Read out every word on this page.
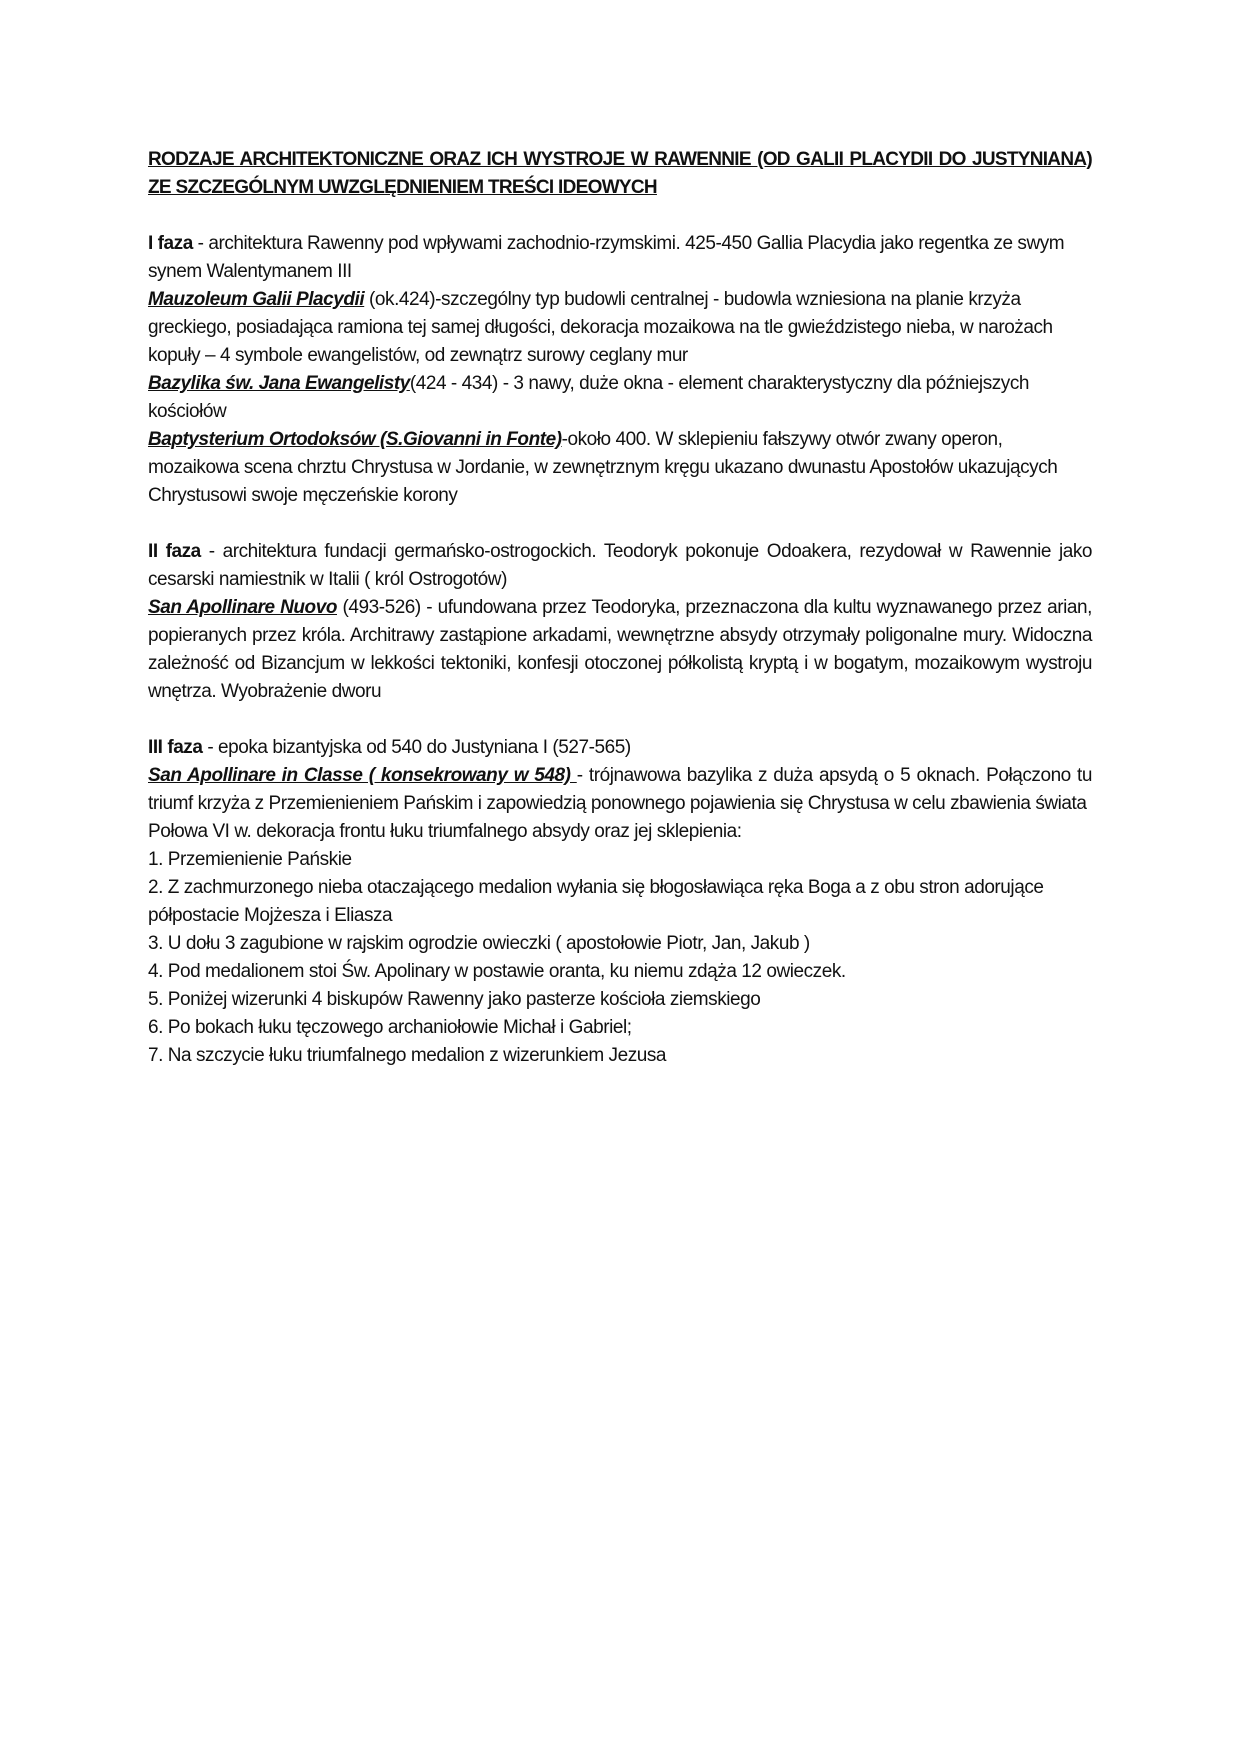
RODZAJE ARCHITEKTONICZNE ORAZ ICH WYSTROJE W RAWENNIE (OD GALII PLACYDII DO JUSTYNIANA) ZE SZCZEGÓLNYM UWZGLĘDNIENIEM TREŚCI IDEOWYCH

I faza - architektura Rawenny pod wpływami zachodnio-rzymskimi. 425-450 Gallia Placydia jako regentka ze swym synem Walentymanem III

Mauzoleum Galii Placydii (ok.424)-szczególny typ budowli centralnej - budowla wzniesiona na planie krzyża greckiego, posiadająca ramiona tej samej długości, dekoracja mozaikowa na tle gwieździstego nieba, w narożach kopuły – 4 symbole ewangelistów, od zewnątrz surowy ceglany mur

Bazylika św. Jana Ewangelisty(424 - 434) - 3 nawy, duże okna - element charakterystyczny dla późniejszych kościołów

Baptysterium Ortodoksów (S.Giovanni in Fonte)-około 400. W sklepieniu fałszywy otwór zwany operon, mozaikowa scena chrztu Chrystusa w Jordanie, w zewnętrznym kręgu ukazano dwunastu Apostołów ukazujących Chrystusowi swoje męczeńskie korony

II faza - architektura fundacji germańsko-ostrogockich. Teodoryk pokonuje Odoakera, rezydował w Rawennie jako cesarski namiestnik w Italii ( król Ostrogotów)

San Apollinare Nuovo (493-526) - ufundowana przez Teodoryka, przeznaczona dla kultu wyznawanego przez arian, popieranych przez króla. Architrawy zastąpione arkadami, wewnętrzne absydy otrzymały poligonalne mury. Widoczna zależność od Bizancjum w lekkości tektoniki, konfesji otoczonej półkolistą kryptą i w bogatym, mozaikowym wystroju wnętrza. Wyobrażenie dworu

III faza - epoka bizantyjska od 540 do Justyniana I (527-565)

San Apollinare in Classe ( konsekrowany w 548) - trójnawowa bazylika z duża apsydą o 5 oknach. Połączono tu triumf krzyża z Przemienieniem Pańskim i zapowiedzią ponownego pojawienia się Chrystusa w celu zbawienia świata

Połowa VI w. dekoracja frontu łuku triumfalnego absydy oraz jej sklepienia:

1. Przemienienie Pańskie
2. Z zachmurzonego nieba otaczającego medalion wyłania się błogosławiąca ręka Boga a z obu stron adorujące półpostacie Mojżesza i Eliasza
3. U dołu 3 zagubione w rajskim ogrodzie owieczki ( apostołowie Piotr, Jan, Jakub )
4. Pod medalionem stoi Św. Apolinary w postawie oranta, ku niemu zdąża 12 owieczek.
5. Poniżej wizerunki 4 biskupów Rawenny jako pasterze kościoła ziemskiego
6. Po bokach łuku tęczowego archaniołowie Michał i Gabriel;
7. Na szczycie łuku triumfalnego medalion z wizerunkiem Jezusa
